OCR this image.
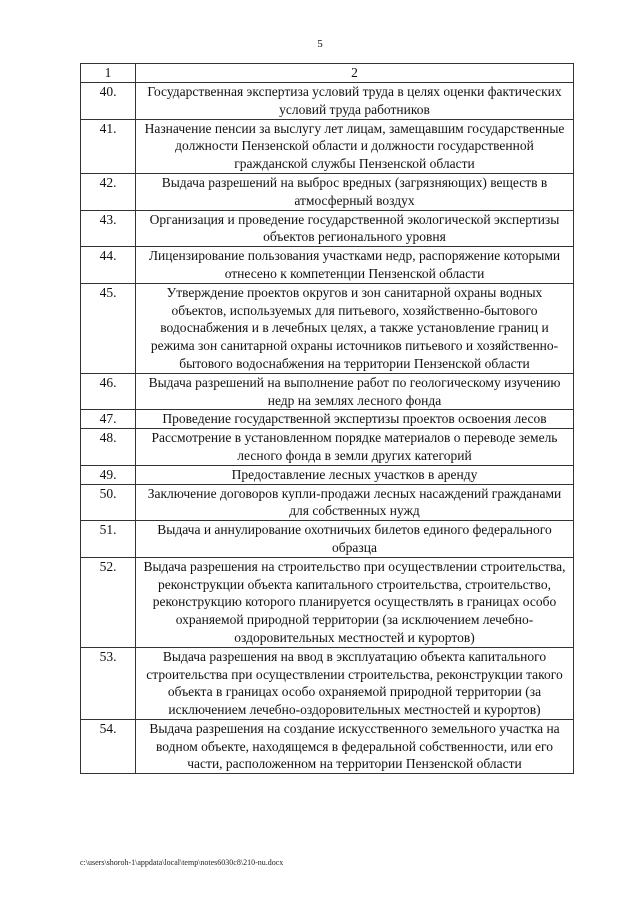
5
1	2
40.	Государственная экспертиза условий труда в целях оценки фактических условий труда работников
41.	Назначение пенсии за выслугу лет лицам, замещавшим государственные должности Пензенской области и должности государственной гражданской службы Пензенской области
42.	Выдача разрешений на выброс вредных (загрязняющих) веществ в атмосферный воздух
43.	Организация и проведение государственной экологической экспертизы объектов регионального уровня
44.	Лицензирование пользования участками недр, распоряжение которыми отнесено к компетенции Пензенской области
45.	Утверждение проектов округов и зон санитарной охраны водных объектов, используемых для питьевого, хозяйственно-бытового водоснабжения и в лечебных целях, а также установление границ и режима зон санитарной охраны источников питьевого и хозяйственно-бытового водоснабжения на территории Пензенской области
46.	Выдача разрешений на выполнение работ по геологическому изучению недр на землях лесного фонда
47.	Проведение государственной экспертизы проектов освоения лесов
48.	Рассмотрение в установленном порядке материалов о переводе земель лесного фонда в земли других категорий
49.	Предоставление лесных участков в аренду
50.	Заключение договоров купли-продажи лесных насаждений гражданами для собственных нужд
51.	Выдача и аннулирование охотничьих билетов единого федерального образца
52.	Выдача разрешения на строительство при осуществлении строительства, реконструкции объекта капитального строительства, строительство, реконструкцию которого планируется осуществлять в границах особо охраняемой природной территории (за исключением лечебно-оздоровительных местностей и курортов)
53.	Выдача разрешения на ввод в эксплуатацию объекта капитального строительства при осуществлении строительства, реконструкции такого объекта в границах особо охраняемой природной территории (за исключением лечебно-оздоровительных местностей и курортов)
54.	Выдача разрешения на создание искусственного земельного участка на водном объекте, находящемся в федеральной собственности, или его части, расположенном на территории Пензенской области
c:\users\shoroh-1\appdata\local\temp\notes6030c8\210-nu.docx
